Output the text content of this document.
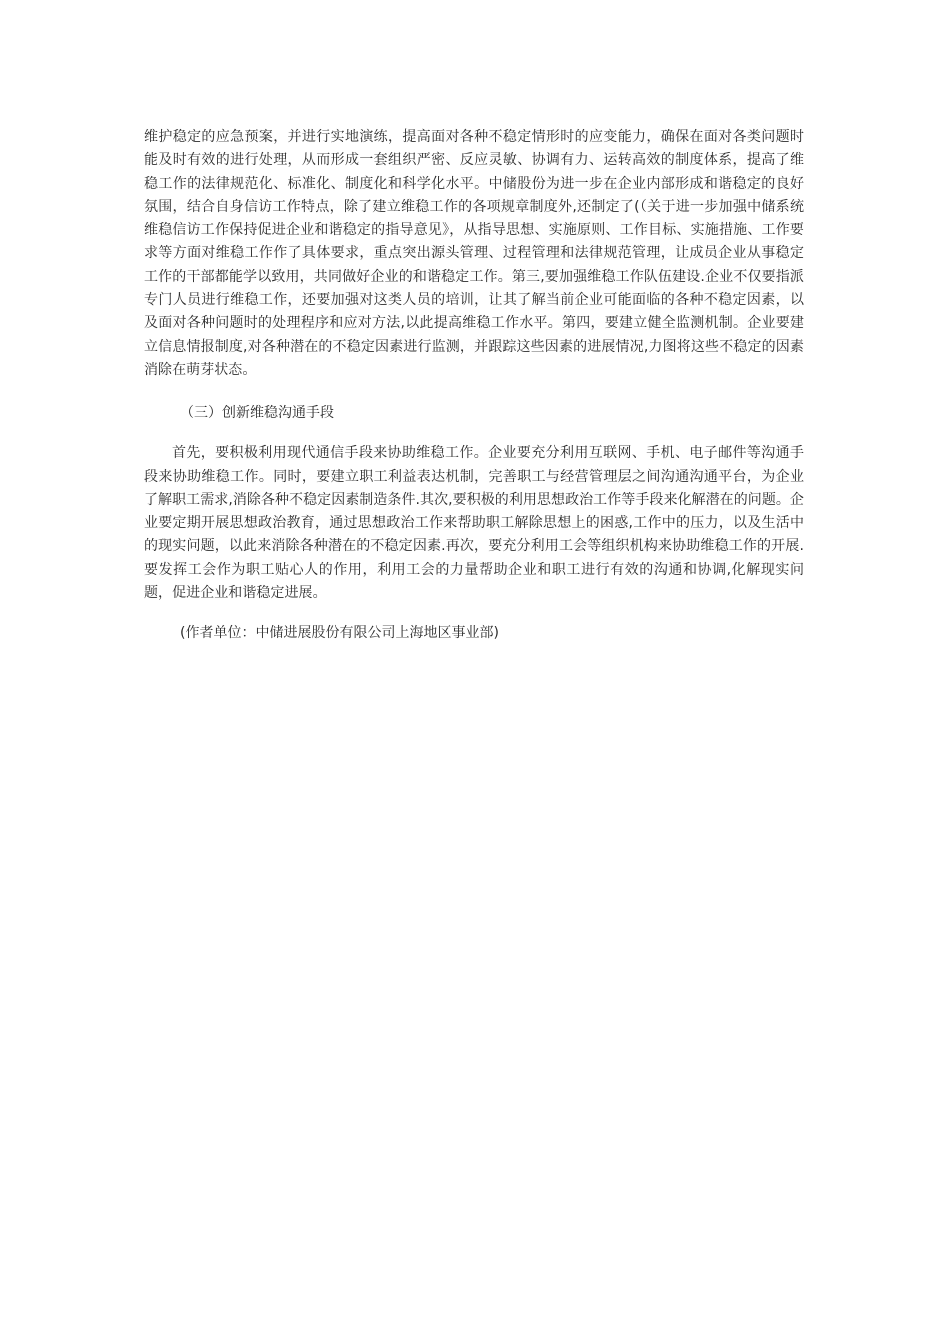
维护稳定的应急预案，并进行实地演练，提高面对各种不稳定情形时的应变能力，确保在面对各类问题时能及时有效的进行处理，从而形成一套组织严密、反应灵敏、协调有力、运转高效的制度体系，提高了维稳工作的法律规范化、标准化、制度化和科学化水平。中储股份为进一步在企业内部形成和谐稳定的良好氛围，结合自身信访工作特点，除了建立维稳工作的各项规章制度外,还制定了(（关于进一步加强中储系统维稳信访工作保持促进企业和谐稳定的指导意见》，从指导思想、实施原则、工作目标、实施措施、工作要求等方面对维稳工作作了具体要求，重点突出源头管理、过程管理和法律规范管理，让成员企业从事稳定工作的干部都能学以致用，共同做好企业的和谐稳定工作。第三,要加强维稳工作队伍建设.企业不仅要指派专门人员进行维稳工作，还要加强对这类人员的培训，让其了解当前企业可能面临的各种不稳定因素，以及面对各种问题时的处理程序和应对方法,以此提高维稳工作水平。第四，要建立健全监测机制。企业要建立信息情报制度,对各种潜在的不稳定因素进行监测，并跟踪这些因素的进展情况,力图将这些不稳定的因素消除在萌芽状态。

（三）创新维稳沟通手段

首先，要积极利用现代通信手段来协助维稳工作。企业要充分利用互联网、手机、电子邮件等沟通手段来协助维稳工作。同时，要建立职工利益表达机制，完善职工与经营管理层之间沟通沟通平台，为企业了解职工需求,消除各种不稳定因素制造条件.其次,要积极的利用思想政治工作等手段来化解潜在的问题。企业要定期开展思想政治教育，通过思想政治工作来帮助职工解除思想上的困惑,工作中的压力，以及生活中的现实问题，以此来消除各种潜在的不稳定因素.再次，要充分利用工会等组织机构来协助维稳工作的开展.要发挥工会作为职工贴心人的作用，利用工会的力量帮助企业和职工进行有效的沟通和协调,化解现实问题，促进企业和谐稳定进展。

(作者单位：中储进展股份有限公司上海地区事业部)
